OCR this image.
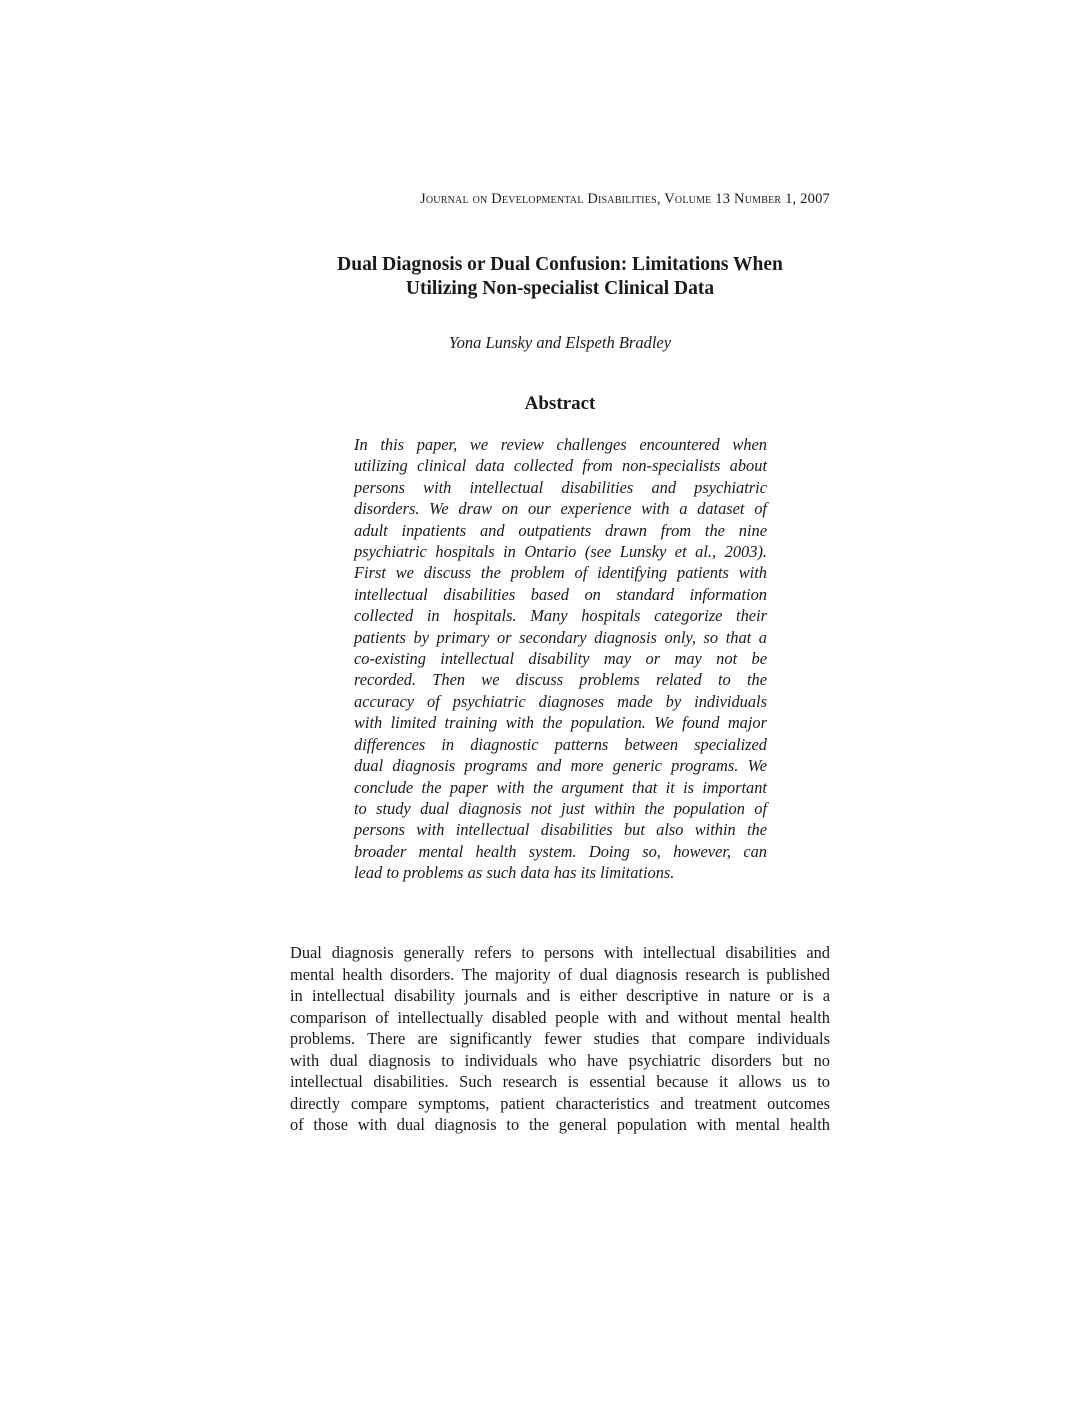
Journal on Developmental Disabilities, Volume 13 Number 1, 2007
Dual Diagnosis or Dual Confusion: Limitations When
Utilizing Non-specialist Clinical Data
Yona Lunsky and Elspeth Bradley
Abstract
In this paper, we review challenges encountered when
utilizing clinical data collected from non-specialists about
persons with intellectual disabilities and psychiatric
disorders. We draw on our experience with a dataset of
adult inpatients and outpatients drawn from the nine
psychiatric hospitals in Ontario (see Lunsky et al., 2003).
First we discuss the problem of identifying patients with
intellectual disabilities based on standard information
collected in hospitals. Many hospitals categorize their
patients by primary or secondary diagnosis only, so that a
co-existing intellectual disability may or may not be
recorded. Then we discuss problems related to the
accuracy of psychiatric diagnoses made by individuals
with limited training with the population. We found major
differences in diagnostic patterns between specialized
dual diagnosis programs and more generic programs. We
conclude the paper with the argument that it is important
to study dual diagnosis not just within the population of
persons with intellectual disabilities but also within the
broader mental health system. Doing so, however, can
lead to problems as such data has its limitations.
Dual diagnosis generally refers to persons with intellectual disabilities and
mental health disorders. The majority of dual diagnosis research is published
in intellectual disability journals and is either descriptive in nature or is a
comparison of intellectually disabled people with and without mental health
problems. There are significantly fewer studies that compare individuals
with dual diagnosis to individuals who have psychiatric disorders but no
intellectual disabilities. Such research is essential because it allows us to
directly compare symptoms, patient characteristics and treatment outcomes
of those with dual diagnosis to the general population with mental health
